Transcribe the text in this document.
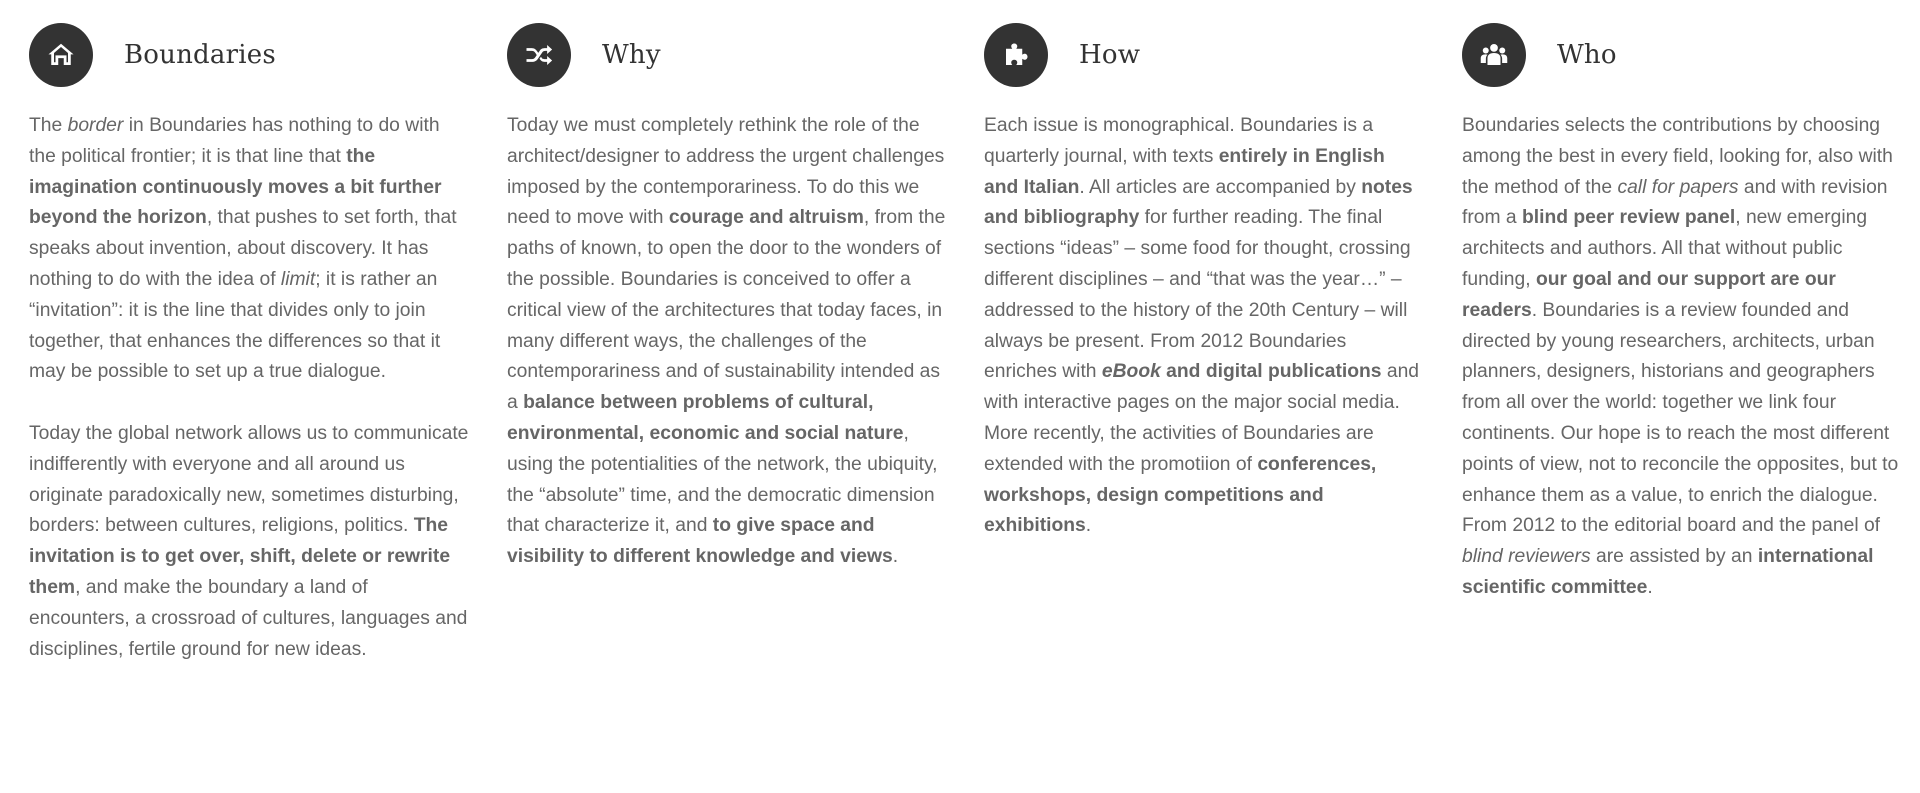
Boundaries

The border in Boundaries has nothing to do with the political frontier; it is that line that the imagination continuously moves a bit further beyond the horizon, that pushes to set forth, that speaks about invention, about discovery. It has nothing to do with the idea of limit; it is rather an “invitation”: it is the line that divides only to join together, that enhances the differences so that it may be possible to set up a true dialogue.

Today the global network allows us to communicate indifferently with everyone and all around us originate paradoxically new, sometimes disturbing, borders: between cultures, religions, politics. The invitation is to get over, shift, delete or rewrite them, and make the boundary a land of encounters, a crossroad of cultures, languages and disciplines, fertile ground for new ideas.

Why

Today we must completely rethink the role of the architect/designer to address the urgent challenges imposed by the contemporariness. To do this we need to move with courage and altruism, from the paths of known, to open the door to the wonders of the possible. Boundaries is conceived to offer a critical view of the architectures that today faces, in many different ways, the challenges of the contemporariness and of sustainability intended as a balance between problems of cultural, environmental, economic and social nature, using the potentialities of the network, the ubiquity, the “absolute” time, and the democratic dimension that characterize it, and to give space and visibility to different knowledge and views.

How

Each issue is monographical. Boundaries is a quarterly journal, with texts entirely in English and Italian. All articles are accompanied by notes and bibliography for further reading. The final sections “ideas” – some food for thought, crossing different disciplines – and “that was the year…” – addressed to the history of the 20th Century – will always be present. From 2012 Boundaries enriches with eBook and digital publications and with interactive pages on the major social media. More recently, the activities of Boundaries are extended with the promotiion of conferences, workshops, design competitions and exhibitions.

Who

Boundaries selects the contributions by choosing among the best in every field, looking for, also with the method of the call for papers and with revision from a blind peer review panel, new emerging architects and authors. All that without public funding, our goal and our support are our readers. Boundaries is a review founded and directed by young researchers, architects, urban planners, designers, historians and geographers from all over the world: together we link four continents. Our hope is to reach the most different points of view, not to reconcile the opposites, but to enhance them as a value, to enrich the dialogue. From 2012 to the editorial board and the panel of blind reviewers are assisted by an international scientific committee.
